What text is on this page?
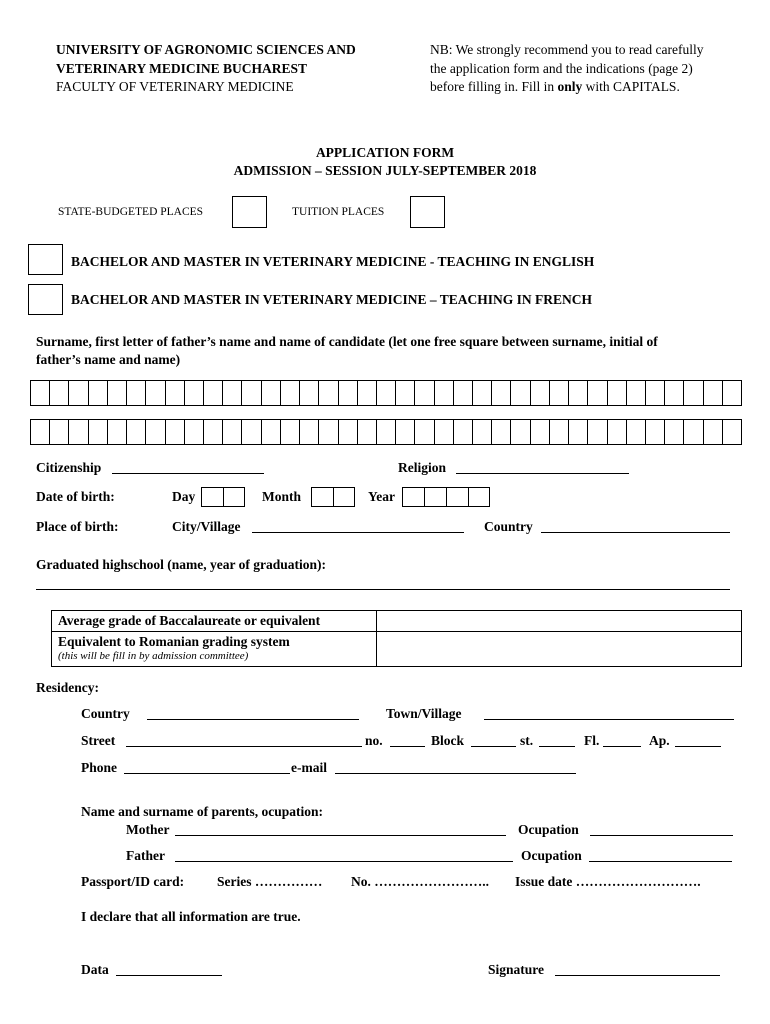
UNIVERSITY OF AGRONOMIC SCIENCES AND
VETERINARY MEDICINE BUCHAREST
FACULTY OF VETERINARY MEDICINE
NB: We strongly recommend you to read carefully
the application form and the indications (page 2)
before filling in. Fill in only with CAPITALS.
APPLICATION FORM
ADMISSION – SESSION JULY-SEPTEMBER 2018
STATE-BUDGETED PLACES	TUITION PLACES
BACHELOR AND MASTER IN VETERINARY MEDICINE - TEACHING IN ENGLISH
BACHELOR AND MASTER IN VETERINARY MEDICINE – TEACHING IN FRENCH
Surname, first letter of father’s name and name of candidate (let one free square between surname, initial of
father’s name and name)
Citizenship	Religion
Date of birth:	Day	Month	Year
Place of birth:	City/Village	Country
Graduated highschool (name, year of graduation):
Average grade of Baccalaureate or equivalent	

Equivalent to Romanian grading system
(this will be fill in by admission committee)	

Residency:
Country	Town/Village
Street	no.	Block	st.	Fl.	Ap.
Phone	e-mail
Name and surname of parents, ocupation:
Mother	Ocupation
Father	Ocupation
Passport/ID card: Series …………… No. …………………….. Issue date ……………………….
I declare that all information are true.
Data	Signature
